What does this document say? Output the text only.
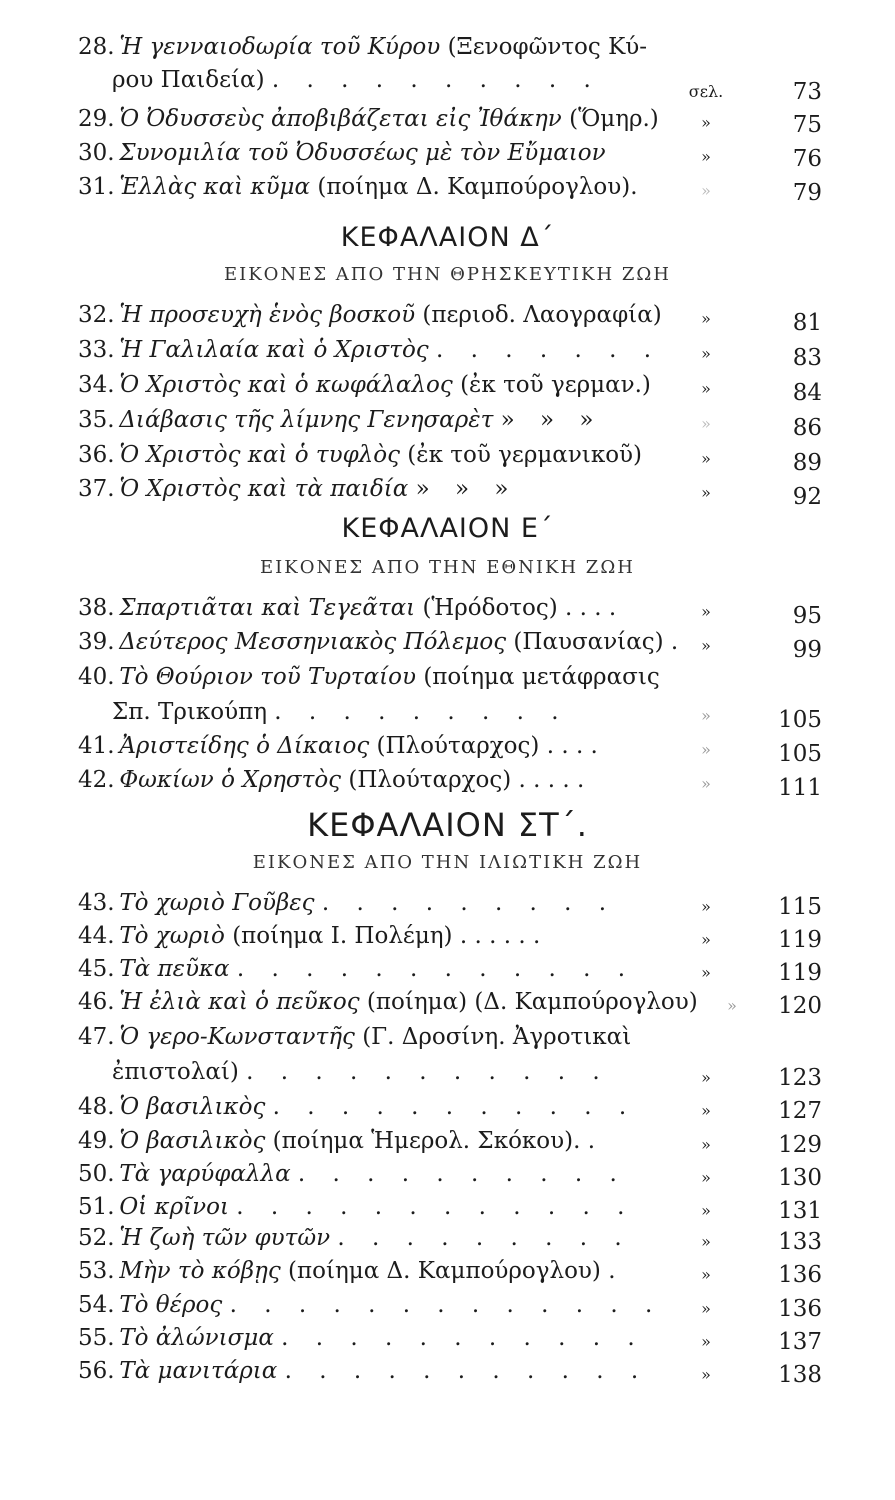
28. Ἡ γενναιοδωρία τοῦ Κύρου (Ξενοφῶντος Κύ-
ρου Παιδεία) . . . . . . . . . .	σελ.	73
29. Ὁ Ὀδυσσεὺς ἀποβιβάζεται εἰς Ἰθάκην (Ὅμηρ.)	»	75
30. Συνομιλία τοῦ Ὀδυσσέως μὲ τὸν Εὔμαιον	»	76
31. Ἑλλὰς καὶ κῦμα (ποίημα Δ. Καμπούρογλου).	»	79
ΚΕΦΑΛΑΙΟΝ Δ΄
ΕΙΚΟΝΕΣ ΑΠΟ ΤΗΝ ΘΡΗΣΚΕΥΤΙΚΗ ΖΩΗ
32. Ἡ προσευχὴ ἑνὸς βοσκοῦ (περιοδ. Λαογραφία)	»	81
33. Ἡ Γαλιλαία καὶ ὁ Χριστὸς . . . . . . .	»	83
34. Ὁ Χριστὸς καὶ ὁ κωφάλαλος (ἐκ τοῦ γερμαν.)	»	84
35. Διάβασις τῆς λίμνης Γενησαρὲτ » » »	»	86
36. Ὁ Χριστὸς καὶ ὁ τυφλὸς (ἐκ τοῦ γερμανικοῦ)	»	89
37. Ὁ Χριστὸς καὶ τὰ παιδία » » »	»	92
ΚΕΦΑΛΑΙΟΝ Ε΄
ΕΙΚΟΝΕΣ ΑΠΟ ΤΗΝ ΕΘΝΙΚΗ ΖΩΗ
38. Σπαρτιᾶται καὶ Τεγεᾶται (Ἡρόδοτος) . . . .	»	95
39. Δεύτερος Μεσσηνιακὸς Πόλεμος (Παυσανίας) .	»	99
40. Τὸ Θούριον τοῦ Τυρταίου (ποίημα μετάφρασις
Σπ. Τρικούπη . . . . . . . . .	»	105
41. Ἀριστείδης ὁ Δίκαιος (Πλούταρχος) . . . .	»	105
42. Φωκίων ὁ Χρηστὸς (Πλούταρχος) . . . . .	»	111
ΚΕΦΑΛΑΙΟΝ ΣΤ΄.
ΕΙΚΟΝΕΣ ΑΠΟ ΤΗΝ ΙΛΙΩΤΙΚΗ ΖΩΗ
43. Τὸ χωριὸ Γοῦβες . . . . . . . . .	»	115
44. Τὸ χωριὸ (ποίημα Ι. Πολέμη) . . . . . .	»	119
45. Τὰ πεῦκα . . . . . . . . . . . .	»	119
46. Ἡ ἐλιὰ καὶ ὁ πεῦκος (ποίημα) (Δ. Καμπούρογλου)	»	120
47. Ὁ γερο-Κωνσταντῆς (Γ. Δροσίνη. Ἀγροτικαὶ
ἐπιστολαί) . . . . . . . . . . .	»	123
48. Ὁ βασιλικὸς . . . . . . . . . . .	»	127
49. Ὁ βασιλικὸς (ποίημα Ἡμερολ. Σκόκου). .	»	129
50. Τὰ γαρύφαλλα . . . . . . . . . .	»	130
51. Οἱ κρῖνοι . . . . . . . . . . . .	»	131
52. Ἡ ζωὴ τῶν φυτῶν . . . . . . . . .	»	133
53. Μὴν τὸ κόβῃς (ποίημα Δ. Καμπούρογλου) .	»	136
54. Τὸ θέρος . . . . . . . . . . . . .	»	136
55. Τὸ ἀλώνισμα . . . . . . . . . . .	»	137
56. Τὰ μανιτάρια . . . . . . . . . . .	»	138
